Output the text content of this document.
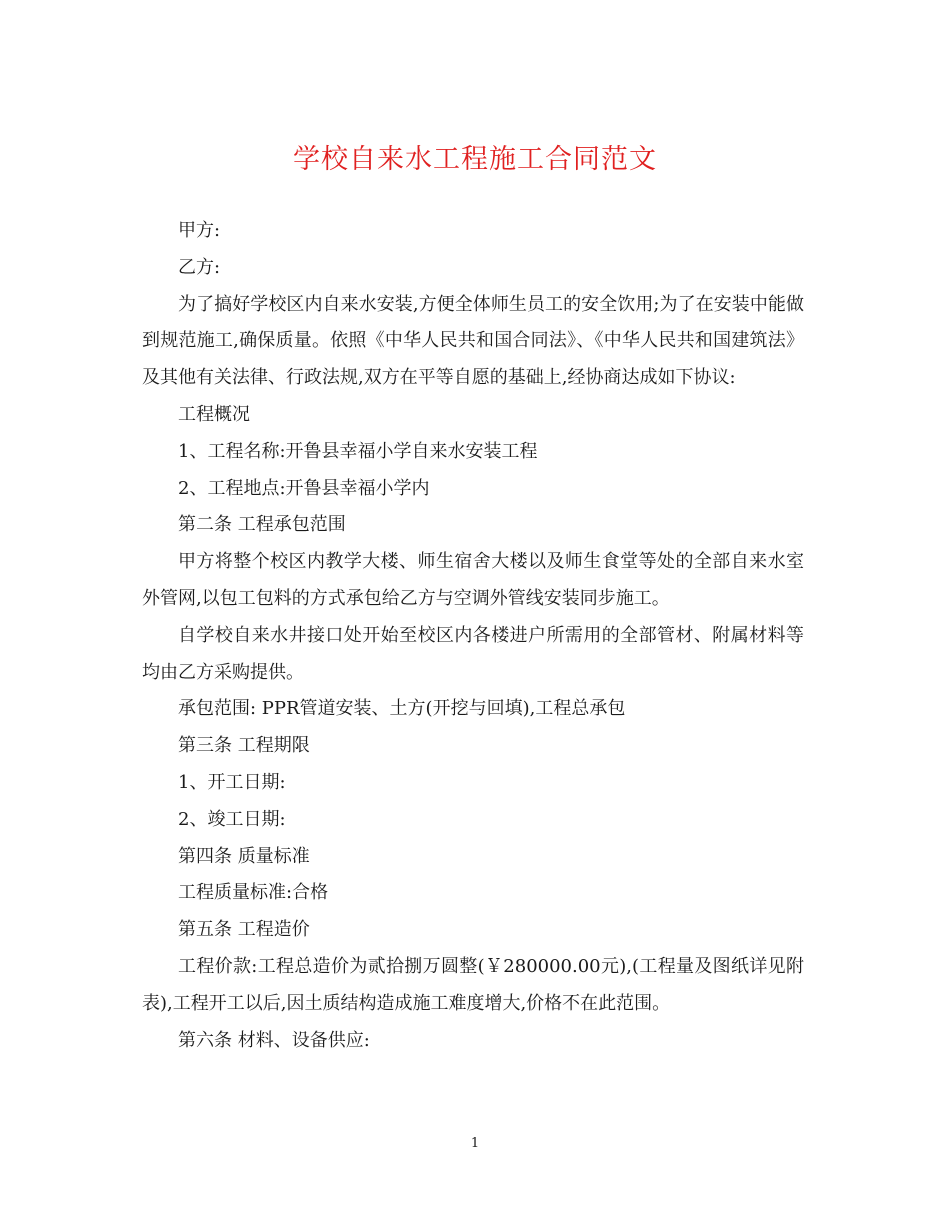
学校自来水工程施工合同范文

甲方:

乙方:

为了搞好学校区内自来水安装,方便全体师生员工的安全饮用;为了在安装中能做到规范施工,确保质量。依照《中华人民共和国合同法》、《中华人民共和国建筑法》及其他有关法律、行政法规,双方在平等自愿的基础上,经协商达成如下协议:

工程概况

1、工程名称:开鲁县幸福小学自来水安装工程

2、工程地点:开鲁县幸福小学内

第二条 工程承包范围

甲方将整个校区内教学大楼、师生宿舍大楼以及师生食堂等处的全部自来水室外管网,以包工包料的方式承包给乙方与空调外管线安装同步施工。

自学校自来水井接口处开始至校区内各楼进户所需用的全部管材、附属材料等均由乙方采购提供。

承包范围: PPR管道安装、土方(开挖与回填),工程总承包

第三条 工程期限

1、开工日期:

2、竣工日期:

第四条 质量标准

工程质量标准:合格

第五条 工程造价

工程价款:工程总造价为贰拾捌万圆整(￥280000.00元),(工程量及图纸详见附表),工程开工以后,因土质结构造成施工难度增大,价格不在此范围。

第六条 材料、设备供应:

1
